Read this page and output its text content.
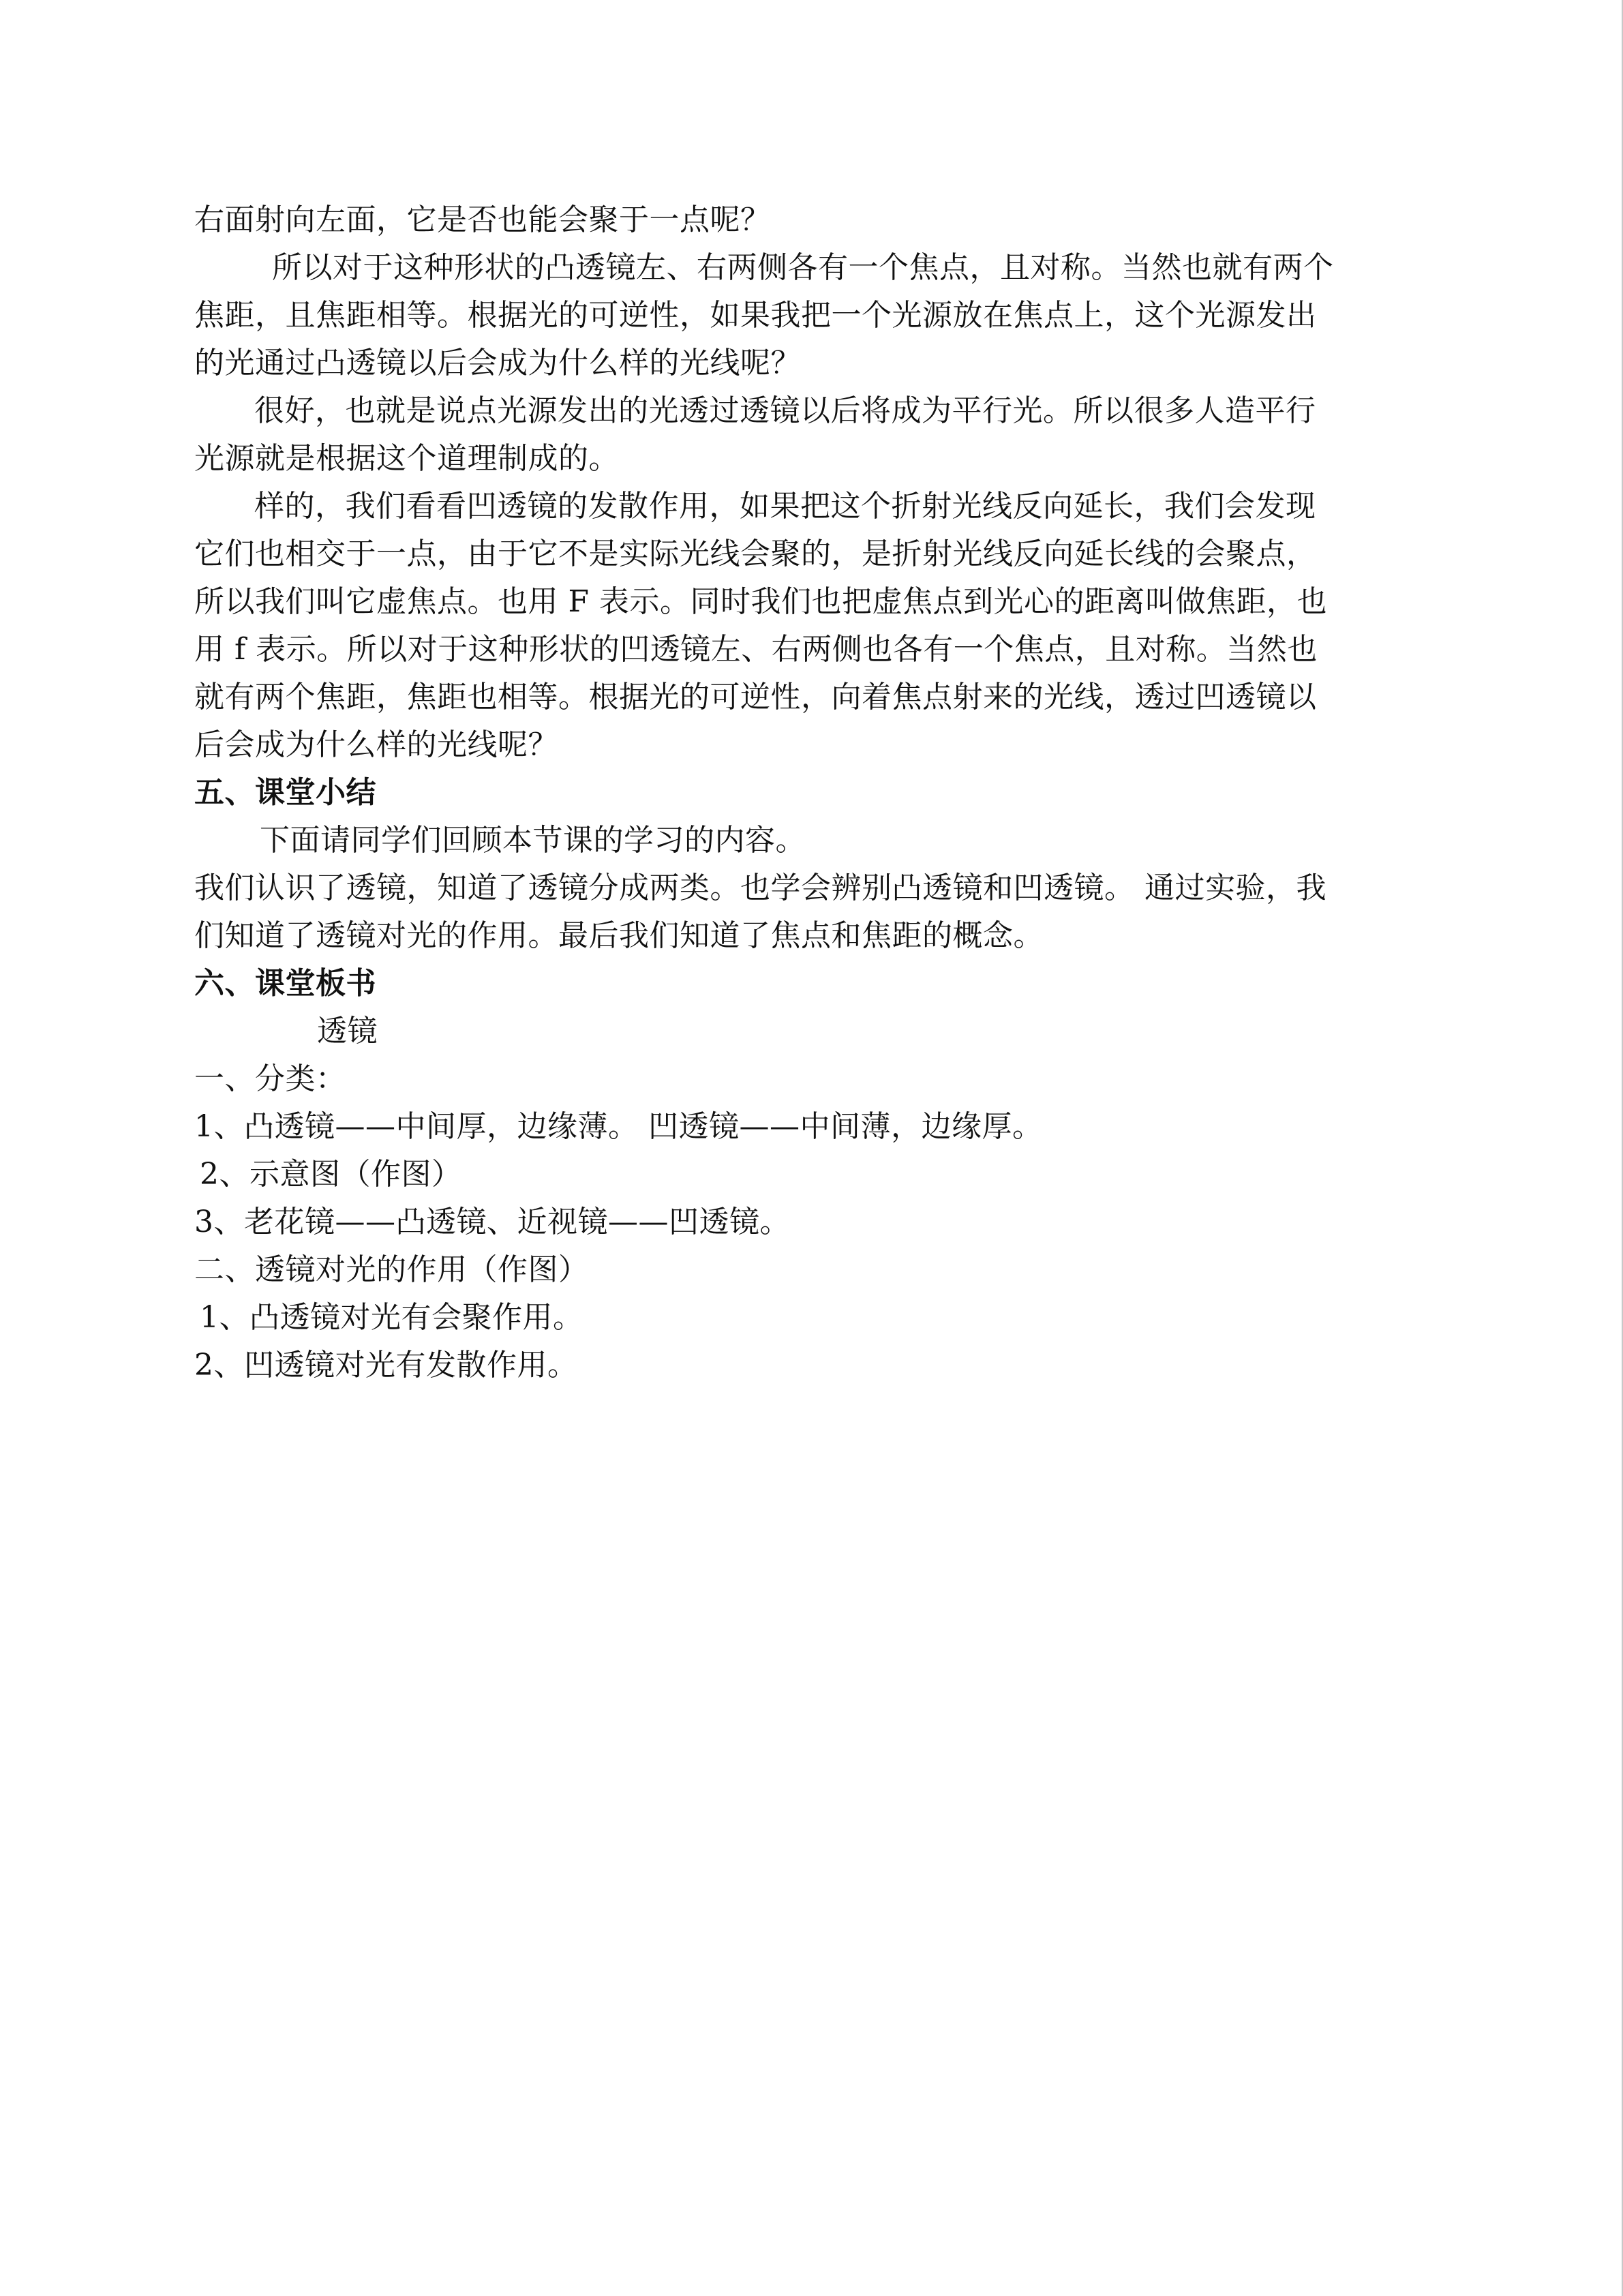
右面射向左面，它是否也能会聚于一点呢？
所以对于这种形状的凸透镜左、右两侧各有一个焦点，且对称。当然也就有两个
焦距，且焦距相等。根据光的可逆性，如果我把一个光源放在焦点上，这个光源发出
的光通过凸透镜以后会成为什么样的光线呢？
很好，也就是说点光源发出的光透过透镜以后将成为平行光。所以很多人造平行
光源就是根据这个道理制成的。
样的，我们看看凹透镜的发散作用，如果把这个折射光线反向延长，我们会发现
它们也相交于一点，由于它不是实际光线会聚的，是折射光线反向延长线的会聚点，
所以我们叫它虚焦点。也用 F 表示。同时我们也把虚焦点到光心的距离叫做焦距，也
用 f 表示。所以对于这种形状的凹透镜左、右两侧也各有一个焦点，且对称。当然也
就有两个焦距，焦距也相等。根据光的可逆性，向着焦点射来的光线，透过凹透镜以
后会成为什么样的光线呢？
五、课堂小结
下面请同学们回顾本节课的学习的内容。
我们认识了透镜，知道了透镜分成两类。也学会辨别凸透镜和凹透镜。 通过实验，我
们知道了透镜对光的作用。最后我们知道了焦点和焦距的概念。
六、课堂板书
透镜
一、分类：
1、凸透镜——中间厚，边缘薄。 凹透镜——中间薄，边缘厚。
2、示意图（作图）
3、老花镜——凸透镜、近视镜——凹透镜。
二、透镜对光的作用（作图）
1、凸透镜对光有会聚作用。
2、凹透镜对光有发散作用。
